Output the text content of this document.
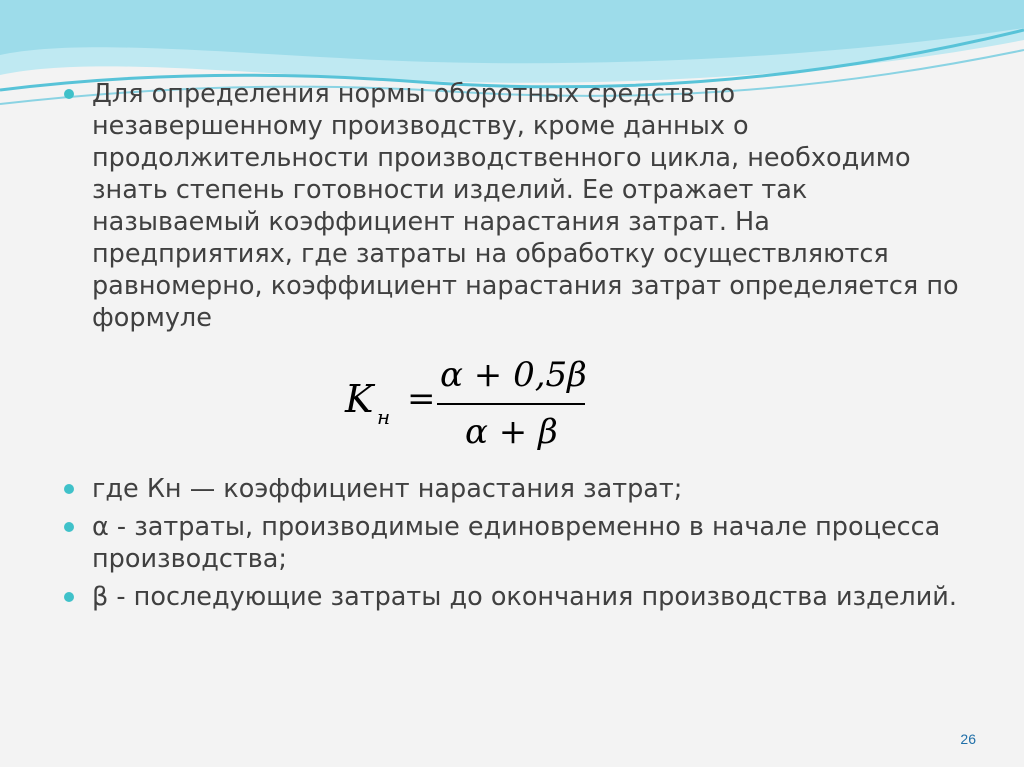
Для определения нормы оборотных средств по незавершенному производству, кроме данных о продолжительности производственного цикла, необходимо знать степень готовности изделий. Ее отражает так называемый коэффициент нарастания затрат. На предприятиях, где затраты на обработку осуществляются равномерно, коэффициент нарастания затрат определяется по формуле
K н =
α + 0,5β
α + β
где Кн — коэффициент нарастания затрат;
α - затраты, производимые единовременно в начале процесса производства;
β - последующие затраты до окончания производства изделий.
26
